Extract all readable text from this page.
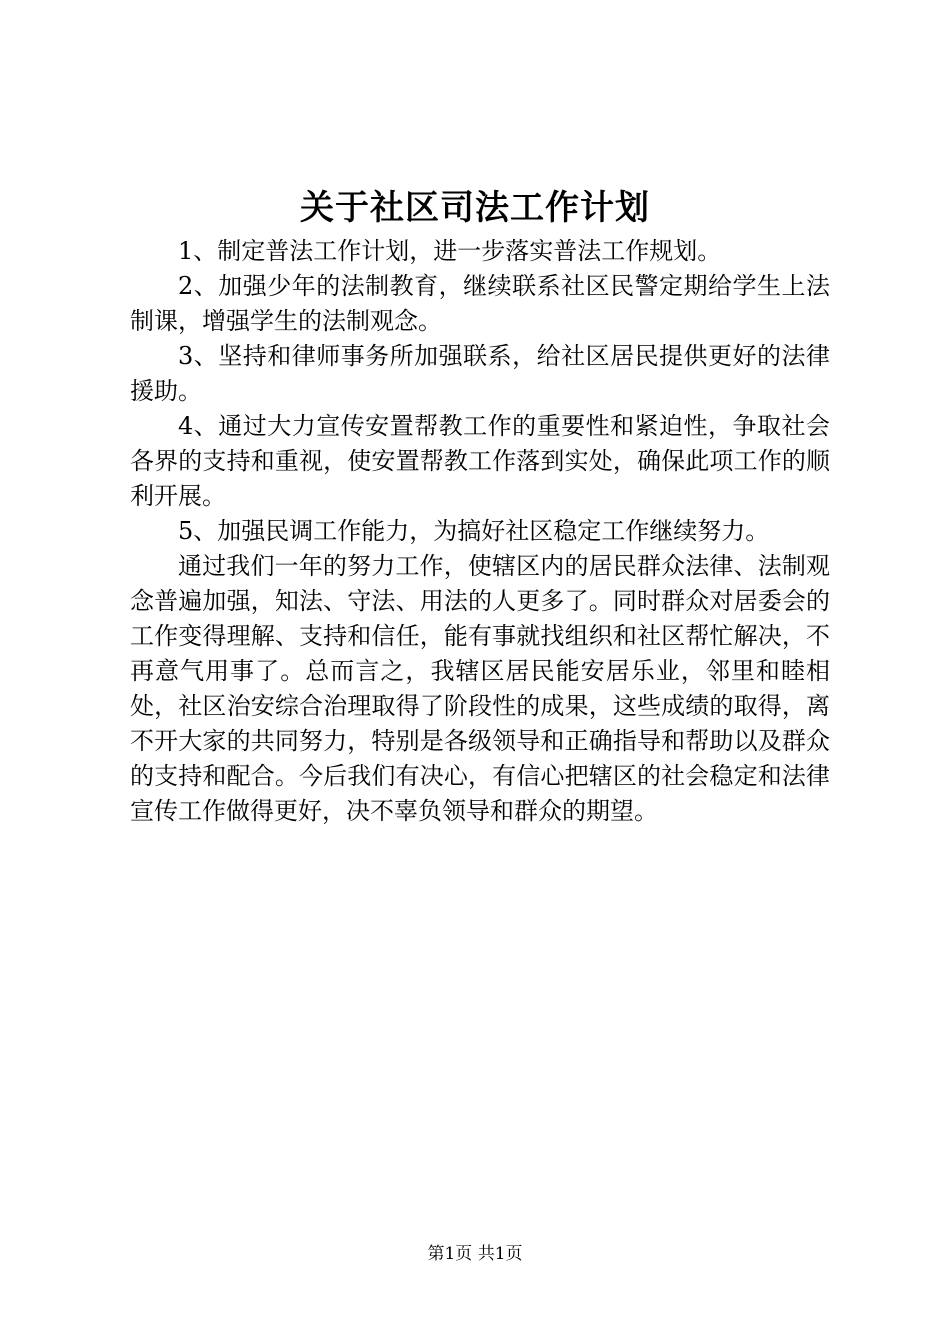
关于社区司法工作计划

1、制定普法工作计划，进一步落实普法工作规划。

2、加强少年的法制教育，继续联系社区民警定期给学生上法制课，增强学生的法制观念。

3、坚持和律师事务所加强联系，给社区居民提供更好的法律援助。

4、通过大力宣传安置帮教工作的重要性和紧迫性，争取社会各界的支持和重视，使安置帮教工作落到实处，确保此项工作的顺利开展。

5、加强民调工作能力，为搞好社区稳定工作继续努力。

通过我们一年的努力工作，使辖区内的居民群众法律、法制观念普遍加强，知法、守法、用法的人更多了。同时群众对居委会的工作变得理解、支持和信任，能有事就找组织和社区帮忙解决，不再意气用事了。总而言之，我辖区居民能安居乐业，邻里和睦相处，社区治安综合治理取得了阶段性的成果，这些成绩的取得，离不开大家的共同努力，特别是各级领导和正确指导和帮助以及群众的支持和配合。今后我们有决心，有信心把辖区的社会稳定和法律宣传工作做得更好，决不辜负领导和群众的期望。

第1页 共1页
